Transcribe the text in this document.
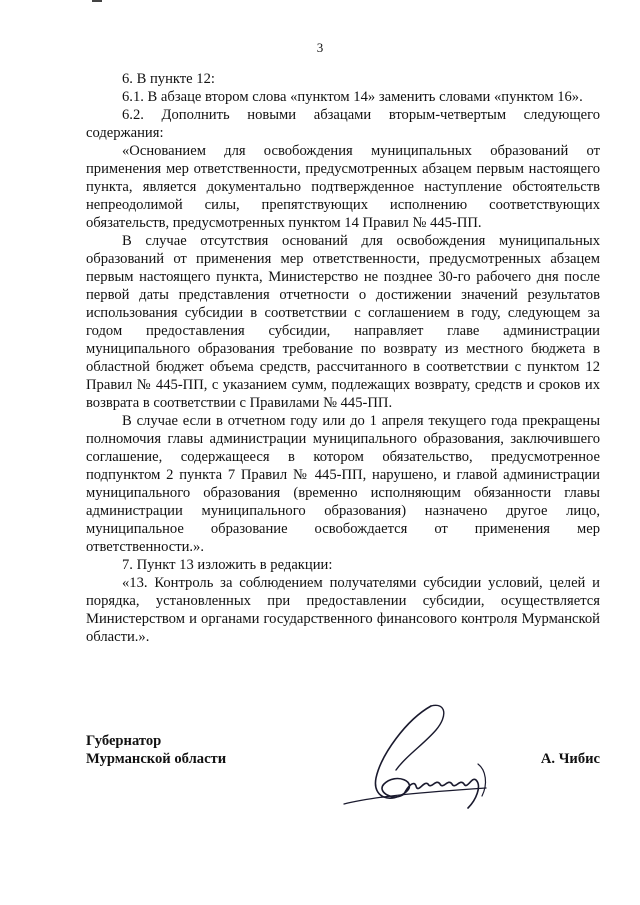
3

6. В пункте 12:

6.1. В абзаце втором слова «пунктом 14» заменить словами «пунктом 16».

6.2. Дополнить новыми абзацами вторым-четвертым следующего содержания:

«Основанием для освобождения муниципальных образований от применения мер ответственности, предусмотренных абзацем первым настоящего пункта, является документально подтвержденное наступление обстоятельств непреодолимой силы, препятствующих исполнению соответствующих обязательств, предусмотренных пунктом 14 Правил № 445-ПП.

В случае отсутствия оснований для освобождения муниципальных образований от применения мер ответственности, предусмотренных абзацем первым настоящего пункта, Министерство не позднее 30-го рабочего дня после первой даты представления отчетности о достижении значений результатов использования субсидии в соответствии с соглашением в году, следующем за годом предоставления субсидии, направляет главе администрации муниципального образования требование по возврату из местного бюджета в областной бюджет объема средств, рассчитанного в соответствии с пунктом 12 Правил № 445-ПП, с указанием сумм, подлежащих возврату, средств и сроков их возврата в соответствии с Правилами № 445-ПП.

В случае если в отчетном году или до 1 апреля текущего года прекращены полномочия главы администрации муниципального образования, заключившего соглашение, содержащееся в котором обязательство, предусмотренное подпунктом 2 пункта 7 Правил № 445-ПП, нарушено, и главой администрации муниципального образования (временно исполняющим обязанности главы администрации муниципального образования) назначено другое лицо, муниципальное образование освобождается от применения мер ответственности.».

7. Пункт 13 изложить в редакции:

«13. Контроль за соблюдением получателями субсидии условий, целей и порядка, установленных при предоставлении субсидии, осуществляется Министерством и органами государственного финансового контроля Мурманской области.».

Губернатор
Мурманской области	А. Чибис
